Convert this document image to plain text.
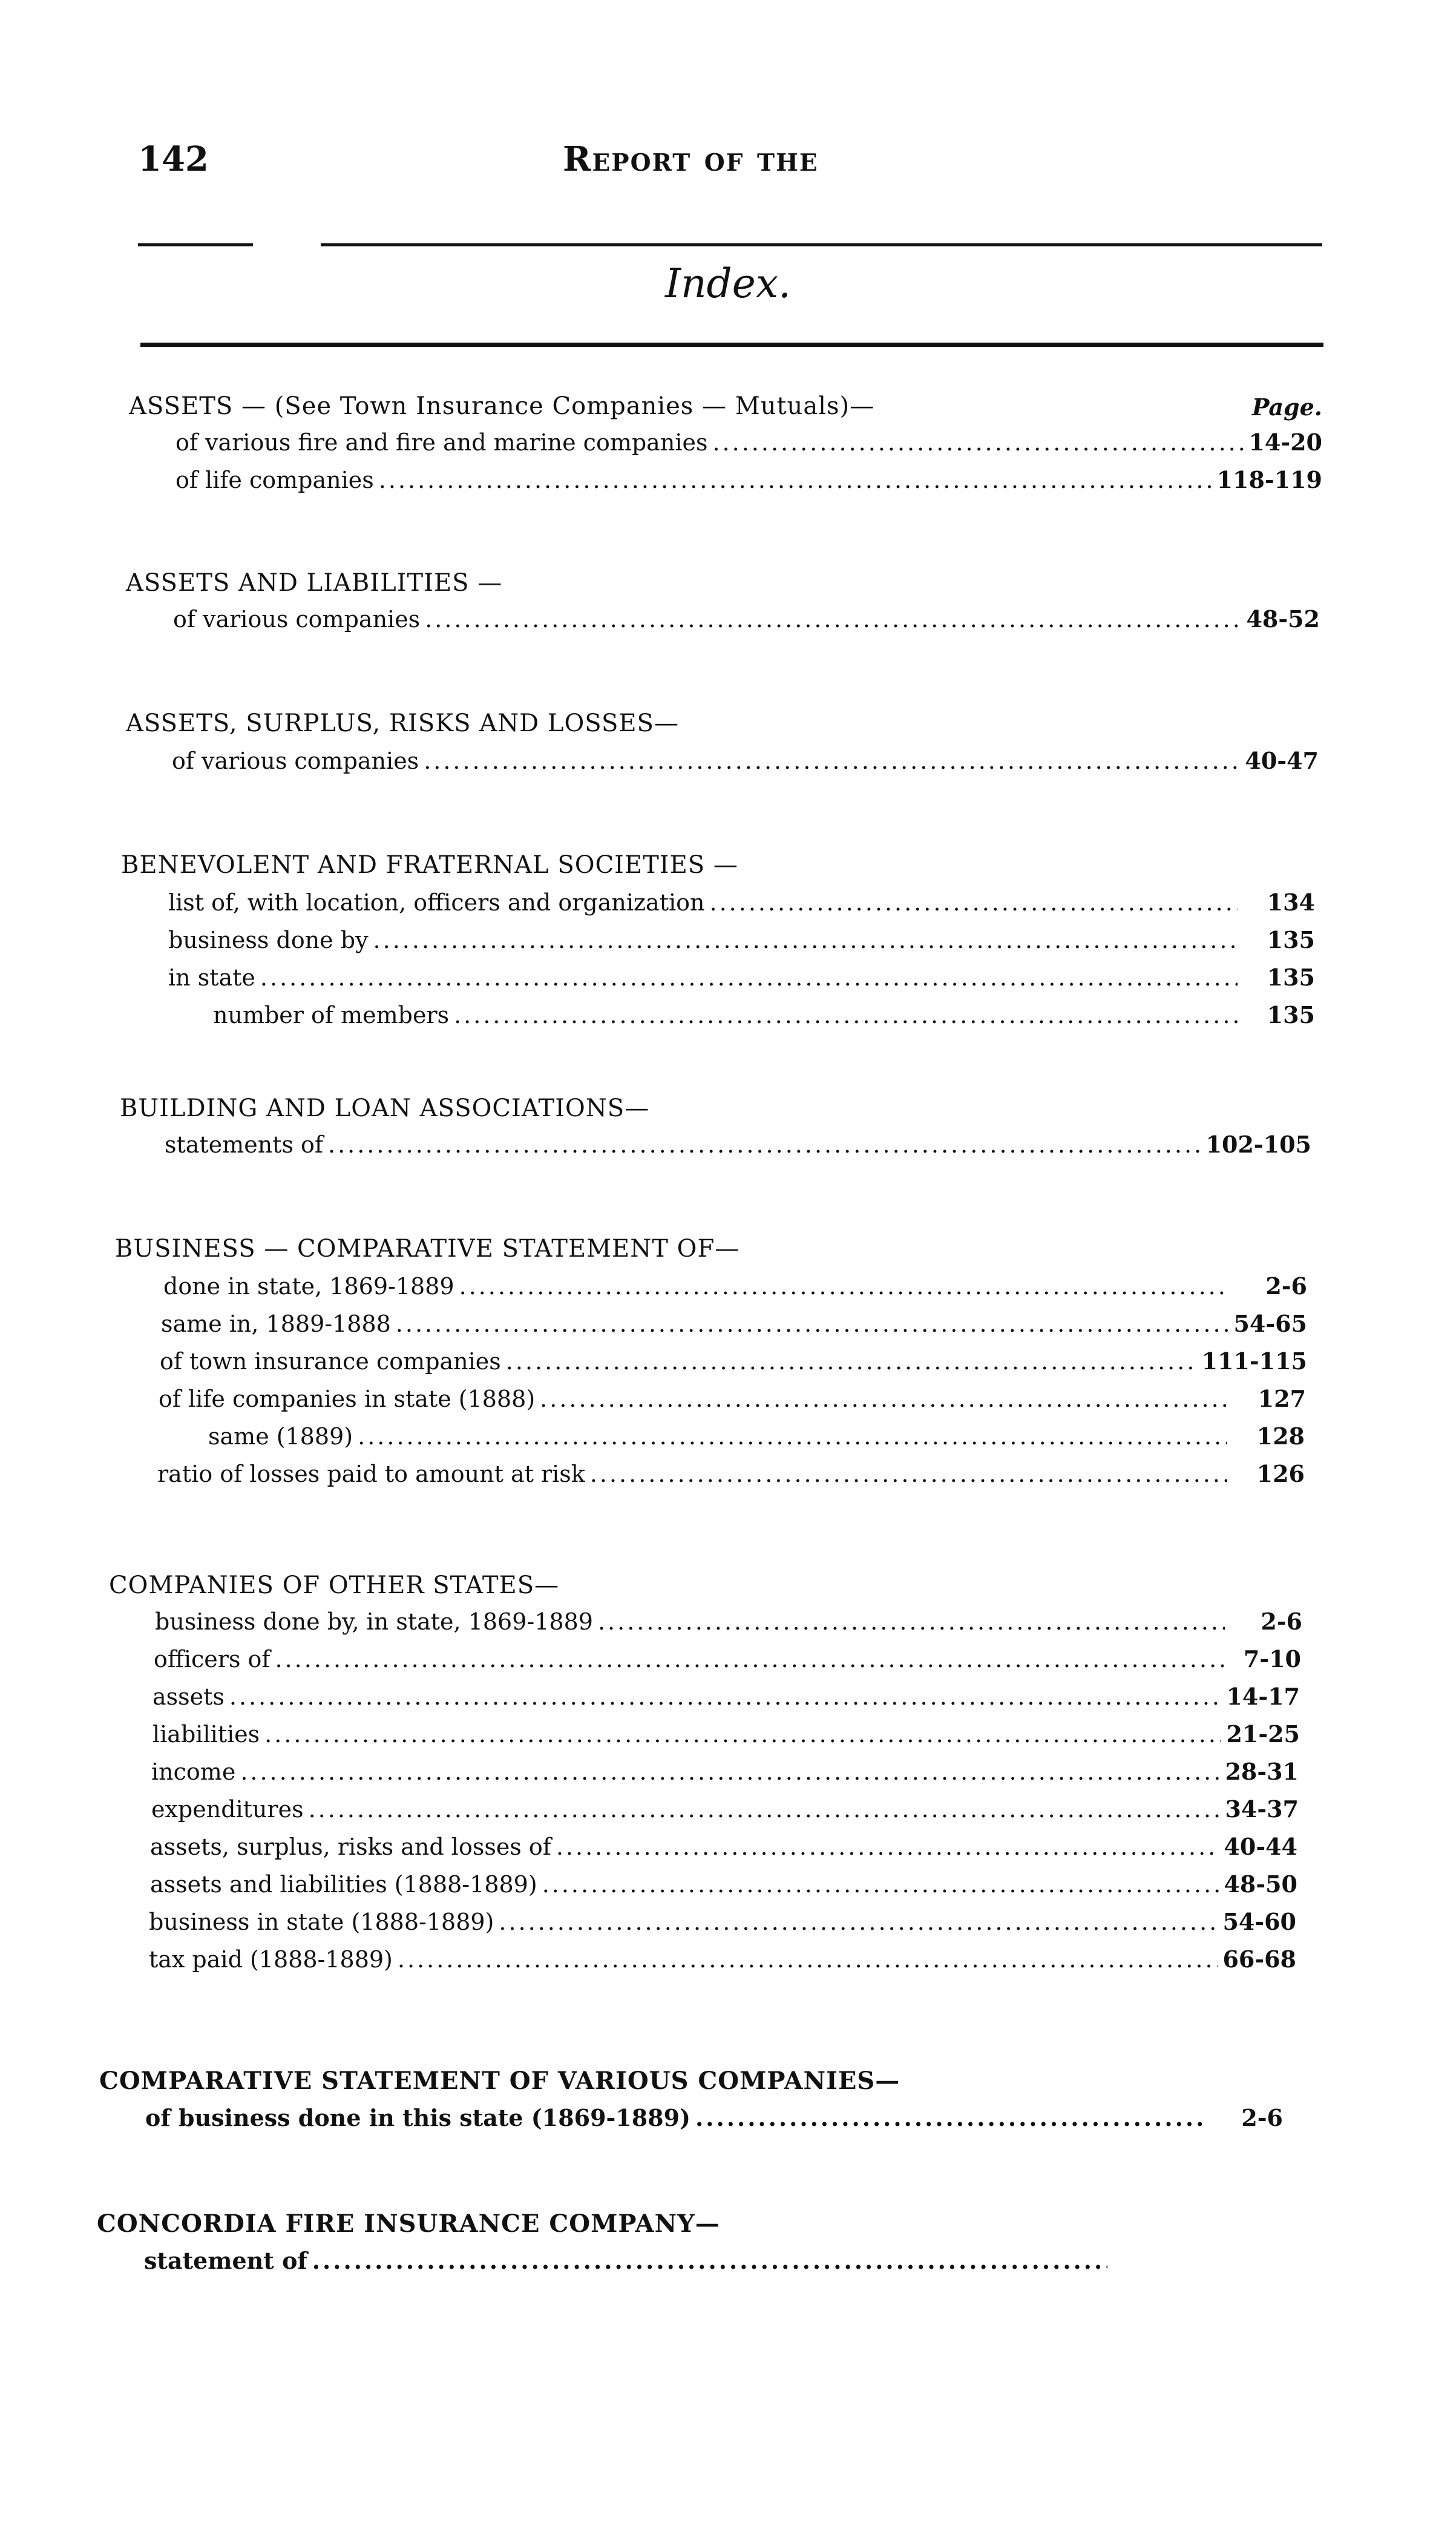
142	Report of the
Index.
Page.
ASSETS — (See Town Insurance Companies — Mutuals)—
of various fire and fire and marine companies .....	14-20
of life companies .....	118-119
ASSETS AND LIABILITIES —
of various companies .....	48-52
ASSETS, SURPLUS, RISKS AND LOSSES—
of various companies .....	40-47
BENEVOLENT AND FRATERNAL SOCIETIES —
list of, with location, officers and organization .....	134
business done by .....	135
in state .....	135
number of members .....	135
BUILDING AND LOAN ASSOCIATIONS—
statements of .....	102-105
BUSINESS — COMPARATIVE STATEMENT OF—
done in state, 1869-1889 .....	2-6
same in, 1889-1888 .....	54-65
of town insurance companies .....	111-115
of life companies in state (1888) .....	127
same (1889) .....	128
ratio of losses paid to amount at risk .....	126
COMPANIES OF OTHER STATES—
business done by, in state, 1869-1889 .....	2-6
officers of .....	7-10
assets .....	14-17
liabilities .....	21-25
income .....	28-31
expenditures .....	34-37
assets, surplus, risks and losses of .....	40-44
assets and liabilities (1888-1889) .....	48-50
business in state (1888-1889) .....	54-60
tax paid (1888-1889) .....	66-68
COMPARATIVE STATEMENT OF VARIOUS COMPANIES—
of business done in this state (1869-1889) .....	2-6
CONCORDIA FIRE INSURANCE COMPANY—
statement of
.....
